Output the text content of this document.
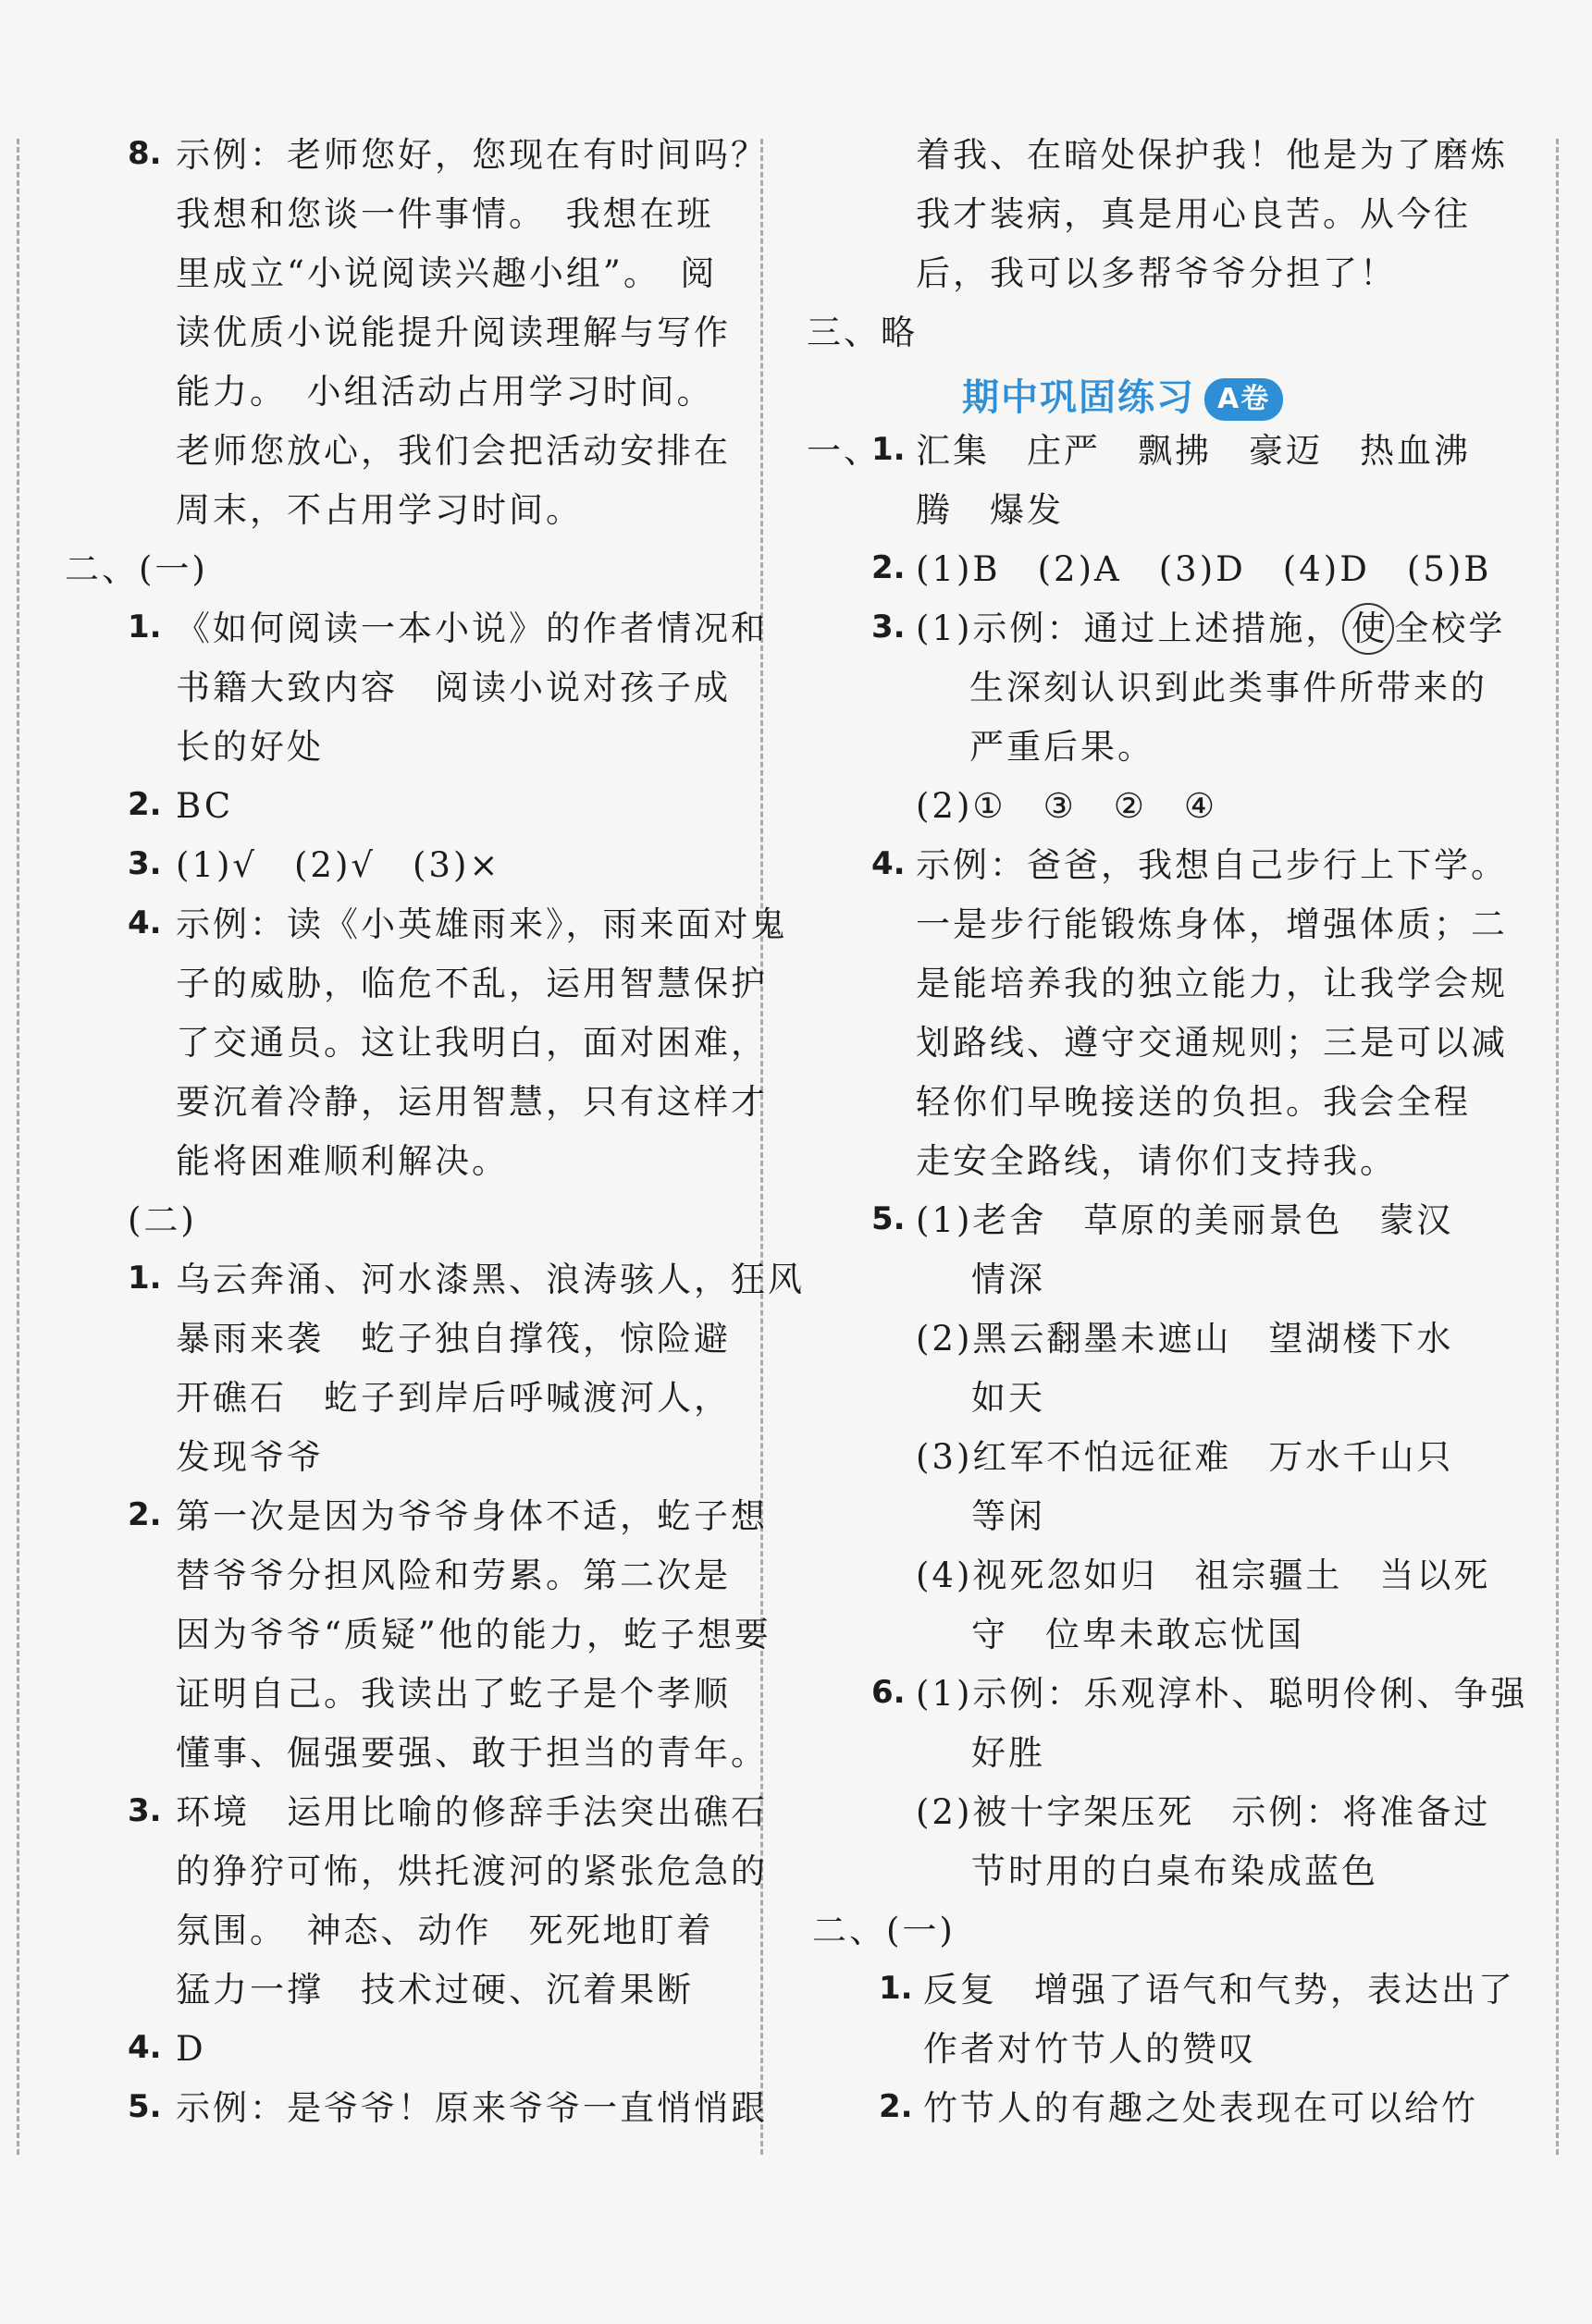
8. 示例：老师您好，您现在有时间吗？
我想和您谈一件事情。　我想在班
里成立“小说阅读兴趣小组”。　阅
读优质小说能提升阅读理解与写作
能力。　小组活动占用学习时间。
老师您放心，我们会把活动安排在
周末，不占用学习时间。
二、(一)
1. 《如何阅读一本小说》的作者情况和
书籍大致内容　阅读小说对孩子成
长的好处
2. BC
3. (1)√　(2)√　(3)×
4. 示例：读《小英雄雨来》，雨来面对鬼
子的威胁，临危不乱，运用智慧保护
了交通员。这让我明白，面对困难，
要沉着冷静，运用智慧，只有这样才
能将困难顺利解决。
(二)
1. 乌云奔涌、河水漆黑、浪涛骇人，狂风
暴雨来袭　虼子独自撑筏，惊险避
开礁石　虼子到岸后呼喊渡河人，
发现爷爷
2. 第一次是因为爷爷身体不适，虼子想
替爷爷分担风险和劳累。第二次是
因为爷爷“质疑”他的能力，虼子想要
证明自己。我读出了虼子是个孝顺
懂事、倔强要强、敢于担当的青年。
3. 环境　运用比喻的修辞手法突出礁石
的狰狞可怖，烘托渡河的紧张危急的
氛围。　神态、动作　死死地盯着
猛力一撑　技术过硬、沉着果断
4. D
5. 示例：是爷爷！原来爷爷一直悄悄跟
着我、在暗处保护我！他是为了磨炼
我才装病，真是用心良苦。从今往
后，我可以多帮爷爷分担了！
三、略
期中巩固练习 A卷
一、
1. 汇集　庄严　飘拂　豪迈　热血沸
腾　爆发
2. (1)B　(2)A　(3)D　(4)D　(5)B
3. (1)示例：通过上述措施， 使 全校学
生深刻认识到此类事件所带来的
严重后果。
(2)①　③　②　④
4. 示例：爸爸，我想自己步行上下学。
一是步行能锻炼身体，增强体质；二
是能培养我的独立能力，让我学会规
划路线、遵守交通规则；三是可以减
轻你们早晚接送的负担。我会全程
走安全路线，请你们支持我。
5. (1)老舍　草原的美丽景色　蒙汉
情深
(2)黑云翻墨未遮山　望湖楼下水
如天
(3)红军不怕远征难　万水千山只
等闲
(4)视死忽如归　祖宗疆土　当以死
守　位卑未敢忘忧国
6. (1)示例：乐观淳朴、聪明伶俐、争强
好胜
(2)被十字架压死　示例：将准备过
节时用的白桌布染成蓝色
二、(一)
1. 反复　增强了语气和气势，表达出了
作者对竹节人的赞叹
2. 竹节人的有趣之处表现在可以给竹
